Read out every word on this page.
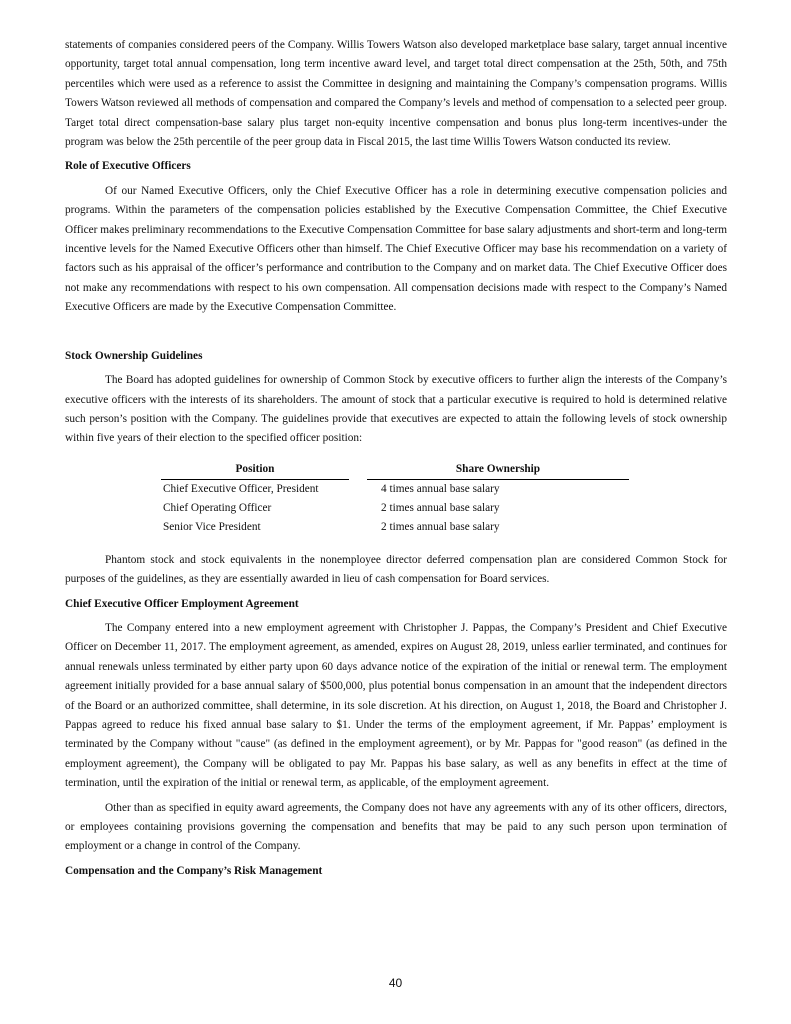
statements of companies considered peers of the Company. Willis Towers Watson also developed marketplace base salary, target annual incentive opportunity, target total annual compensation, long term incentive award level, and target total direct compensation at the 25th, 50th, and 75th percentiles which were used as a reference to assist the Committee in designing and maintaining the Company’s compensation programs. Willis Towers Watson reviewed all methods of compensation and compared the Company’s levels and method of compensation to a selected peer group. Target total direct compensation-base salary plus target non-equity incentive compensation and bonus plus long-term incentives-under the program was below the 25th percentile of the peer group data in Fiscal 2015, the last time Willis Towers Watson conducted its review.

Role of Executive Officers

Of our Named Executive Officers, only the Chief Executive Officer has a role in determining executive compensation policies and programs. Within the parameters of the compensation policies established by the Executive Compensation Committee, the Chief Executive Officer makes preliminary recommendations to the Executive Compensation Committee for base salary adjustments and short-term and long-term incentive levels for the Named Executive Officers other than himself. The Chief Executive Officer may base his recommendation on a variety of factors such as his appraisal of the officer’s performance and contribution to the Company and on market data. The Chief Executive Officer does not make any recommendations with respect to his own compensation. All compensation decisions made with respect to the Company’s Named Executive Officers are made by the Executive Compensation Committee.

Stock Ownership Guidelines

The Board has adopted guidelines for ownership of Common Stock by executive officers to further align the interests of the Company’s executive officers with the interests of its shareholders. The amount of stock that a particular executive is required to hold is determined relative such person’s position with the Company. The guidelines provide that executives are expected to attain the following levels of stock ownership within five years of their election to the specified officer position:

Position		Share Ownership
Chief Executive Officer, President		4 times annual base salary
Chief Operating Officer		2 times annual base salary
Senior Vice President		2 times annual base salary

Phantom stock and stock equivalents in the nonemployee director deferred compensation plan are considered Common Stock for purposes of the guidelines, as they are essentially awarded in lieu of cash compensation for Board services.

Chief Executive Officer Employment Agreement

The Company entered into a new employment agreement with Christopher J. Pappas, the Company’s President and Chief Executive Officer on December 11, 2017. The employment agreement, as amended, expires on August 28, 2019, unless earlier terminated, and continues for annual renewals unless terminated by either party upon 60 days advance notice of the expiration of the initial or renewal term. The employment agreement initially provided for a base annual salary of $500,000, plus potential bonus compensation in an amount that the independent directors of the Board or an authorized committee, shall determine, in its sole discretion. At his direction, on August 1, 2018, the Board and Christopher J. Pappas agreed to reduce his fixed annual base salary to $1. Under the terms of the employment agreement, if Mr. Pappas’ employment is terminated by the Company without "cause" (as defined in the employment agreement), or by Mr. Pappas for "good reason" (as defined in the employment agreement), the Company will be obligated to pay Mr. Pappas his base salary, as well as any benefits in effect at the time of termination, until the expiration of the initial or renewal term, as applicable, of the employment agreement.

Other than as specified in equity award agreements, the Company does not have any agreements with any of its other officers, directors, or employees containing provisions governing the compensation and benefits that may be paid to any such person upon termination of employment or a change in control of the Company.

Compensation and the Company’s Risk Management
40
